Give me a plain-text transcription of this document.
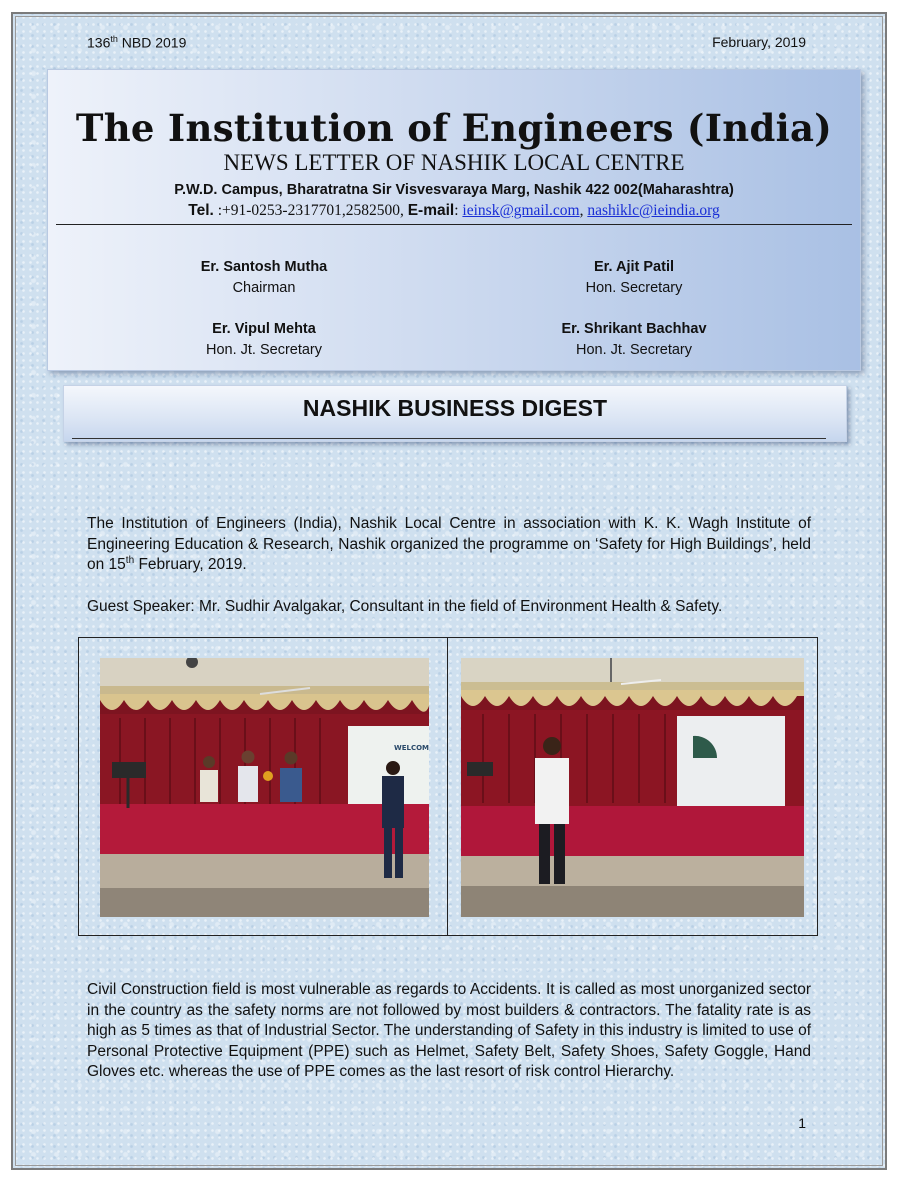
136th NBD 2019	February, 2019
The Institution of Engineers (India)
NEWS LETTER OF NASHIK LOCAL CENTRE
P.W.D. Campus, Bharatratna Sir Visvesvaraya Marg, Nashik 422 002(Maharashtra)
Tel. :+91-0253-2317701,2582500, E-mail: ieinsk@gmail.com, nashiklc@ieindia.org
Er. Santosh Mutha
Chairman
Er. Ajit Patil
Hon. Secretary
Er. Vipul Mehta
Hon. Jt. Secretary
Er. Shrikant Bachhav
Hon. Jt. Secretary
NASHIK BUSINESS DIGEST
The Institution of Engineers (India), Nashik Local Centre in association with K. K. Wagh Institute of Engineering Education & Research, Nashik organized the programme on ‘Safety for High Buildings’, held on 15th February, 2019.
Guest Speaker: Mr. Sudhir Avalgakar, Consultant in the field of Environment Health & Safety.
WELCOM
Civil Construction field is most vulnerable as regards to Accidents. It is called as most unorganized sector in the country as the safety norms are not followed by most builders & contractors. The fatality rate is as high as 5 times as that of Industrial Sector. The understanding of Safety in this industry is limited to use of Personal Protective Equipment (PPE) such as Helmet, Safety Belt, Safety Shoes, Safety Goggle, Hand Gloves etc. whereas the use of PPE comes as the last resort of risk control Hierarchy.
1
